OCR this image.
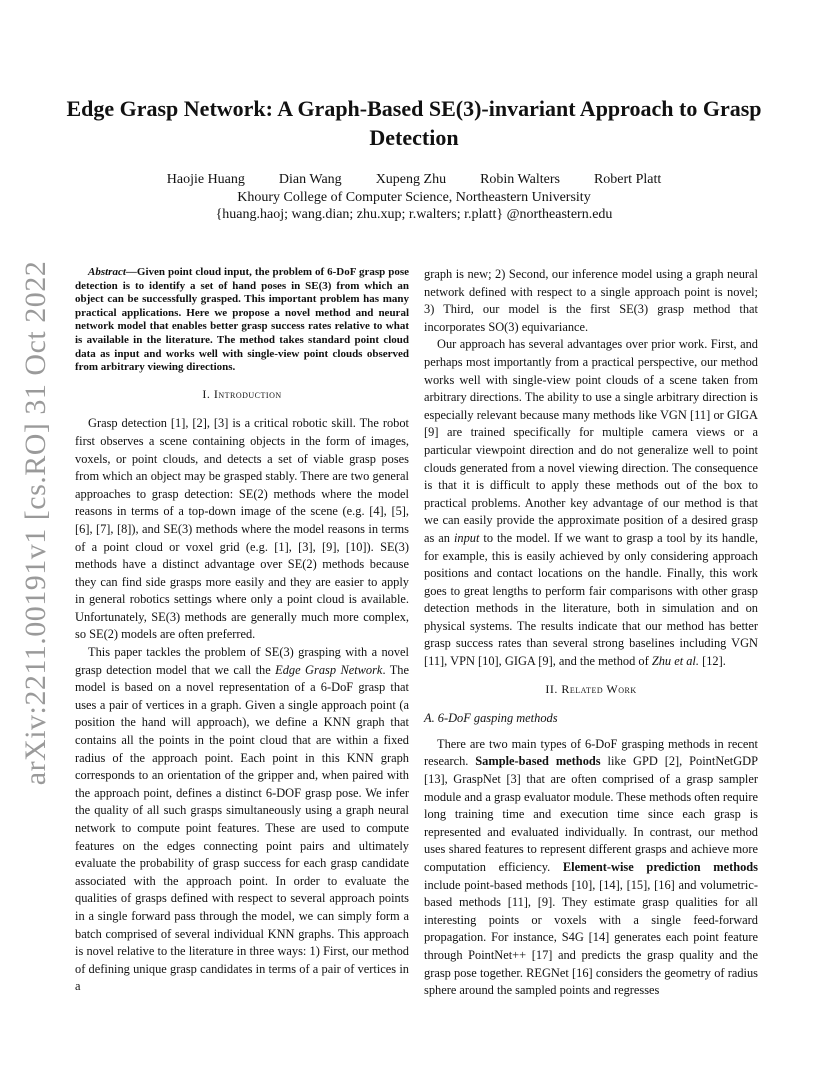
arXiv:2211.00191v1 [cs.RO] 31 Oct 2022
Edge Grasp Network: A Graph-Based SE(3)-invariant Approach to Grasp Detection
Haojie Huang Dian Wang Xupeng Zhu Robin Walters Robert Platt
Khoury College of Computer Science, Northeastern University
{huang.haoj; wang.dian; zhu.xup; r.walters; r.platt} @northeastern.edu
Abstract—Given point cloud input, the problem of 6-DoF grasp pose detection is to identify a set of hand poses in SE(3) from which an object can be successfully grasped. This important problem has many practical applications. Here we propose a novel method and neural network model that enables better grasp success rates relative to what is available in the literature. The method takes standard point cloud data as input and works well with single-view point clouds observed from arbitrary viewing directions.
I. Introduction

Grasp detection [1], [2], [3] is a critical robotic skill. The robot first observes a scene containing objects in the form of images, voxels, or point clouds, and detects a set of viable grasp poses from which an object may be grasped stably. There are two general approaches to grasp detection: SE(2) methods where the model reasons in terms of a top-down image of the scene (e.g. [4], [5], [6], [7], [8]), and SE(3) methods where the model reasons in terms of a point cloud or voxel grid (e.g. [1], [3], [9], [10]). SE(3) methods have a distinct advantage over SE(2) methods because they can find side grasps more easily and they are easier to apply in general robotics settings where only a point cloud is available. Unfortunately, SE(3) methods are generally much more complex, so SE(2) models are often preferred.

This paper tackles the problem of SE(3) grasping with a novel grasp detection model that we call the Edge Grasp Network. The model is based on a novel representation of a 6-DoF grasp that uses a pair of vertices in a graph. Given a single approach point (a position the hand will approach), we define a KNN graph that contains all the points in the point cloud that are within a fixed radius of the approach point. Each point in this KNN graph corresponds to an orientation of the gripper and, when paired with the approach point, defines a distinct 6-DOF grasp pose. We infer the quality of all such grasps simultaneously using a graph neural network to compute point features. These are used to compute features on the edges connecting point pairs and ultimately evaluate the probability of grasp success for each grasp candidate associated with the approach point. In order to evaluate the qualities of grasps defined with respect to several approach points in a single forward pass through the model, we can simply form a batch comprised of several individual KNN graphs. This approach is novel relative to the literature in three ways: 1) First, our method of defining unique grasp candidates in terms of a pair of vertices in a

graph is new; 2) Second, our inference model using a graph neural network defined with respect to a single approach point is novel; 3) Third, our model is the first SE(3) grasp method that incorporates SO(3) equivariance.

Our approach has several advantages over prior work. First, and perhaps most importantly from a practical perspective, our method works well with single-view point clouds of a scene taken from arbitrary directions. The ability to use a single arbitrary direction is especially relevant because many methods like VGN [11] or GIGA [9] are trained specifically for multiple camera views or a particular viewpoint direction and do not generalize well to point clouds generated from a novel viewing direction. The consequence is that it is difficult to apply these methods out of the box to practical problems. Another key advantage of our method is that we can easily provide the approximate position of a desired grasp as an input to the model. If we want to grasp a tool by its handle, for example, this is easily achieved by only considering approach positions and contact locations on the handle. Finally, this work goes to great lengths to perform fair comparisons with other grasp detection methods in the literature, both in simulation and on physical systems. The results indicate that our method has better grasp success rates than several strong baselines including VGN [11], VPN [10], GIGA [9], and the method of Zhu et al. [12].

II. Related Work
A. 6-DoF gasping methods

There are two main types of 6-DoF grasping methods in recent research. Sample-based methods like GPD [2], PointNetGDP [13], GraspNet [3] that are often comprised of a grasp sampler module and a grasp evaluator module. These methods often require long training time and execution time since each grasp is represented and evaluated individually. In contrast, our method uses shared features to represent different grasps and achieve more computation efficiency. Element-wise prediction methods include point-based methods [10], [14], [15], [16] and volumetric-based methods [11], [9]. They estimate grasp qualities for all interesting points or voxels with a single feed-forward propagation. For instance, S4G [14] generates each point feature through PointNet++ [17] and predicts the grasp quality and the grasp pose together. REGNet [16] considers the geometry of radius sphere around the sampled points and regresses
